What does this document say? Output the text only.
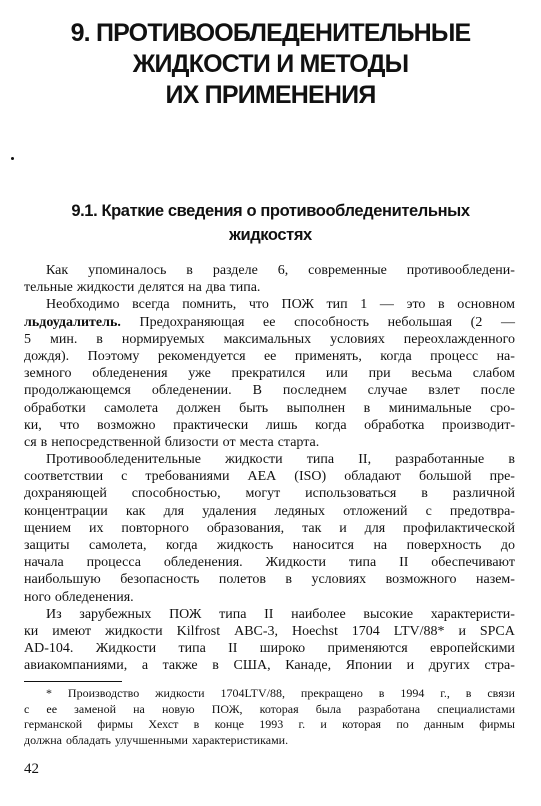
9. ПРОТИВООБЛЕДЕНИТЕЛЬНЫЕ
ЖИДКОСТИ И МЕТОДЫ
ИХ ПРИМЕНЕНИЯ
9.1. Краткие сведения о противообледенительных
жидкостях
Как упоминалось в разделе 6, современные противообледени-
тельные жидкости делятся на два типа.
Необходимо всегда помнить, что ПОЖ тип 1 — это в основном
льдоудалитель. Предохраняющая ее способность небольшая (2 —
5 мин. в нормируемых максимальных условиях переохлажденного
дождя). Поэтому рекомендуется ее применять, когда процесс на-
земного обледенения уже прекратился или при весьма слабом
продолжающемся обледенении. В последнем случае взлет после
обработки самолета должен быть выполнен в минимальные сро-
ки, что возможно практически лишь когда обработка производит-
ся в непосредственной близости от места старта.
Противообледенительные жидкости типа II, разработанные в
соответствии с требованиями AEA (ISO) обладают большой пре-
дохраняющей способностью, могут использоваться в различной
концентрации как для удаления ледяных отложений с предотвра-
щением их повторного образования, так и для профилактической
защиты самолета, когда жидкость наносится на поверхность до
начала процесса обледенения. Жидкости типа II обеспечивают
наибольшую безопасность полетов в условиях возможного назем-
ного обледенения.
Из зарубежных ПОЖ типа II наиболее высокие характеристи-
ки имеют жидкости Kilfrost ABC-3, Hoechst 1704 LTV/88* и SPCA
AD-104. Жидкости типа II широко применяются европейскими
авиакомпаниями, а также в США, Канаде, Японии и других стра-
* Производство жидкости 1704LTV/88, прекращено в 1994 г., в связи
с ее заменой на новую ПОЖ, которая была разработана специалистами
германской фирмы Хехст в конце 1993 г. и которая по данным фирмы
должна обладать улучшенными характеристиками.
42
